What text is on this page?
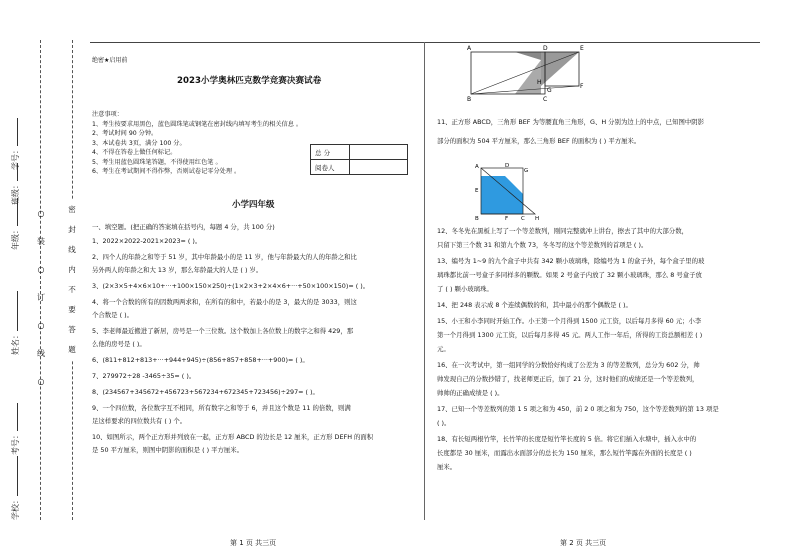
学校：
姓名：
考号：
年级：
班级：
学号：
○
装
○
订
○
线
○
密
封
线
内
不
要
答
题
绝密★启用前
2023小学奥林匹克数学竞赛决赛试卷
注意事项：
1、考生按要求用黑色，蓝色圆珠笔或钢笔在密封线内填写考生的相关信息 。
2、考试时间 90 分钟。
3、本试卷共 3页，满分 100 分。
4、不得在答卷上做任何标记。
5、考生用蓝色圆珠笔答题，不得使用红色笔 。
6、考生在考试期间不得作弊，否则试卷记零分处理 。
总 分	
阅卷人	
小学四年级
一、填空题。(把正确的答案填在括号内，每题 4 分，共 100 分)
1、2022×2022-2021×2023= ( )。
2、四个人的年龄之和等于 51 岁，其中年龄最小的是 11 岁，他与年龄最大的人的年龄之和比
另外两人的年龄之和大 13 岁，那么年龄最大的人是 ( ) 岁。
3、(2×3×5+4×6×10+···+100×150×250)÷(1×2×3+2×4×6+···+50×100×150)= ( )。
4、将一个合数的所有的因数两两求和，在所有的和中，若最小的是 3，最大的是 3033，则这
个合数是 ( )。
5、李老师最近搬进了新居，房号是一个三位数。这个数加上各位数上的数字之和得 429，那
么他的房号是 ( )。
6、(811+812+813+···+944+945)÷(856+857+858+···+900)= ( )。
7、279972÷28 -3465÷35= ( )。
8、(234567+345672+456723+567234+672345+723456)÷297= ( )。
9、一个四位数，各位数字互不相同，所有数字之和等于 6，并且这个数是 11 的倍数，则满
足这样要求的四位数共有 ( ) 个。
10、如图所示，两个正方形并列放在一起，正方形 ABCD 的边长是 12 厘米，正方形 DEFH 的面积
是 50 平方厘米，则图中阴影的面积是 ( ) 平方厘米。
第 1 页 共三页
A	D	E
H
F
G
B	C
11、正方形 ABCD，三角形 BEF 为等腰直角三角形，G、H 分别为边上的中点，已知图中阴影
部分的面积为 504 平方厘米，那么三角形 BEF 的面积为 ( ) 平方厘米。
A	D
G
E
B	F C H
12、冬冬先在黑板上写了一个等差数列，刚同完整就冲上讲台，擦去了其中的大部分数，
只留下第三个数 31 和第九个数 73，冬冬写的这个等差数列的首项是 ( )。
13、编号为 1~9 的九个盒子中共有 342 颗小玻璃珠，除编号为 1 的盒子外，每个盒子里的玻
璃珠都比前一号盒子多同样多的颗数。如果 2 号盒子内放了 32 颗小玻璃珠，那么 8 号盒子放
了 ( ) 颗小玻璃珠。
14、把 248 表示成 8 个连续偶数的和，其中最小的那个偶数是 ( )。
15、小王和小李同时开始工作。小王第一个月得到 1500 元工资，以后每月多得 60 元；小李
第一个月得到 1300 元工资，以后每月多得 45 元。两人工作一年后，所得的工资总额相差 ( )
元。
16、在一次考试中，第一组同学的分数恰好构成了公差为 3 的等差数列，总分为 602 分，帅
帅发现自己的分数抄错了，找老师更正后，加了 21 分，这时他们的成绩还是一个等差数列，
帅帅的正确成绩是 ( )。
17、已知一个等差数列的第 1 5 项之和为 450，前 2 0 项之和为 750，这个等差数列的第 13 项是
( )。
18、有长短两根竹竿，长竹竿的长度是短竹竿长度的 5 倍。将它们插入水塘中，插入水中的
长度都是 30 厘米，而露出水面部分的总长为 150 厘米，那么短竹竿露在外面的长度是 ( )
厘米。
第 2 页 共三页
